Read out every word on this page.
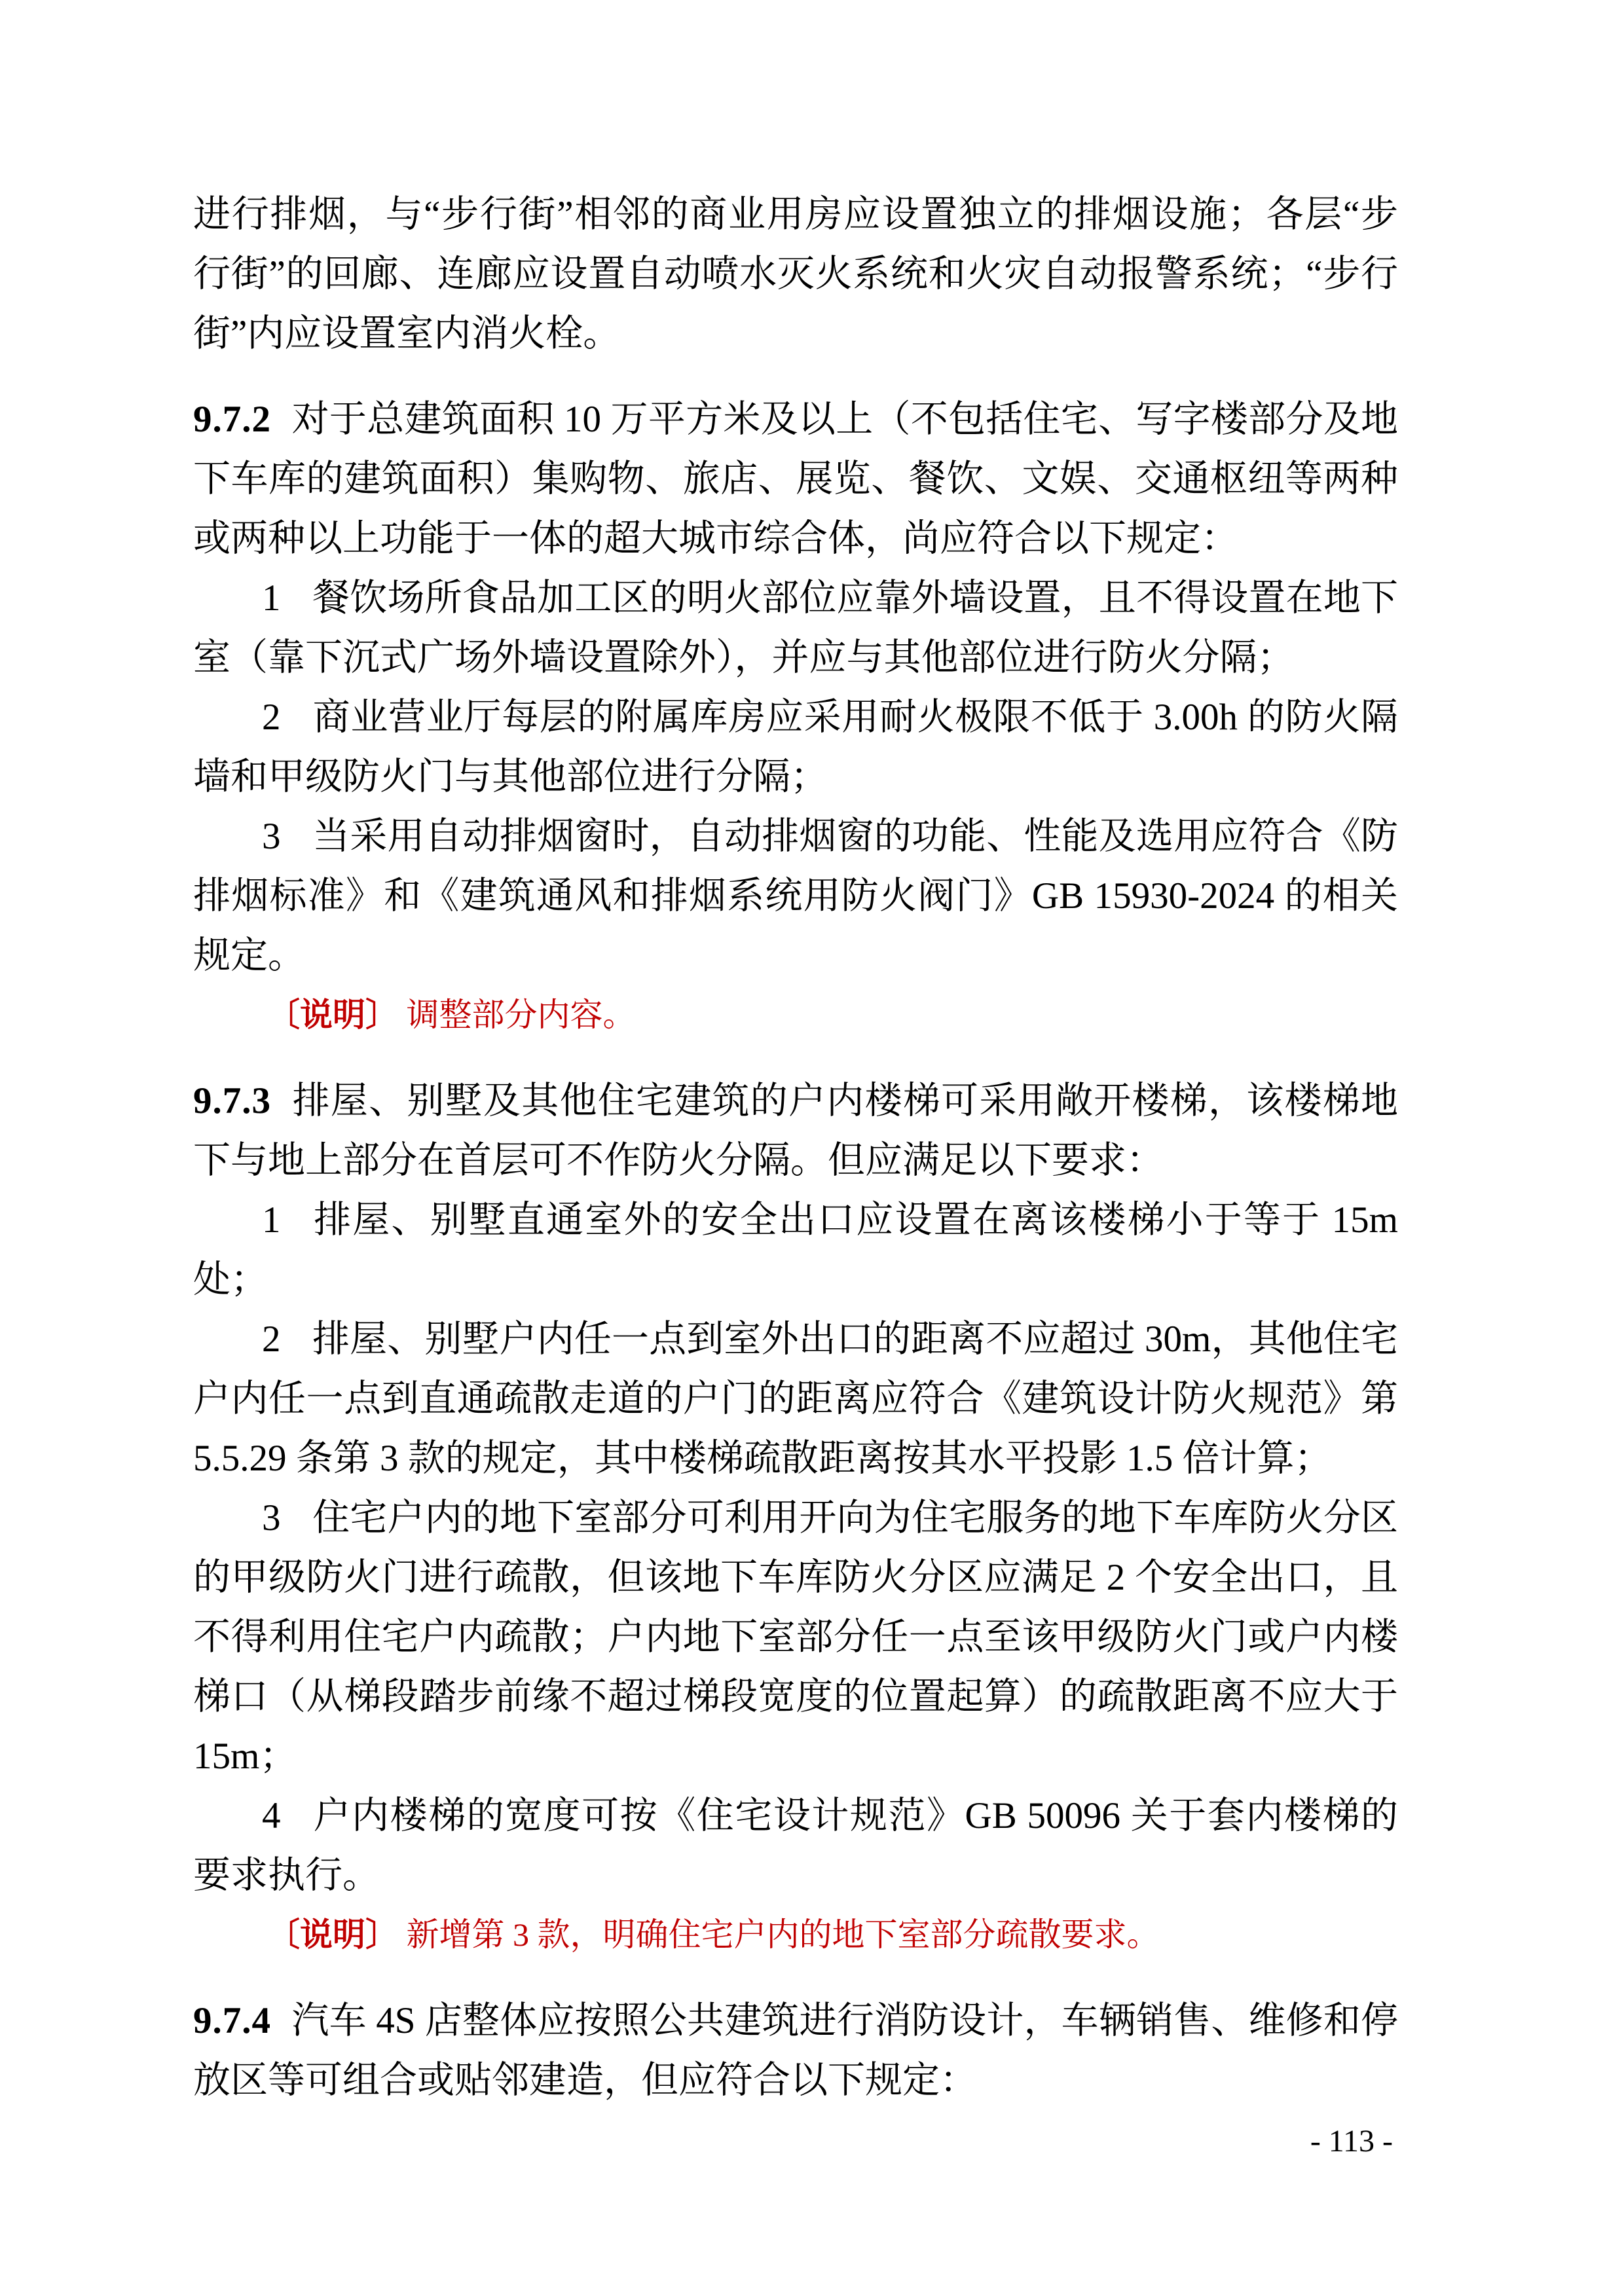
进行排烟，与“步行街”相邻的商业用房应设置独立的排烟设施；各层“步行街”的回廊、连廊应设置自动喷水灭火系统和火灾自动报警系统；“步行街”内应设置室内消火栓。

9.7.2 对于总建筑面积 10 万平方米及以上（不包括住宅、写字楼部分及地下车库的建筑面积）集购物、旅店、展览、餐饮、文娱、交通枢纽等两种或两种以上功能于一体的超大城市综合体，尚应符合以下规定：

1 餐饮场所食品加工区的明火部位应靠外墙设置，且不得设置在地下室（靠下沉式广场外墙设置除外），并应与其他部位进行防火分隔；

2 商业营业厅每层的附属库房应采用耐火极限不低于 3.00h 的防火隔墙和甲级防火门与其他部位进行分隔；

3 当采用自动排烟窗时，自动排烟窗的功能、性能及选用应符合《防排烟标准》和《建筑通风和排烟系统用防火阀门》GB 15930-2024 的相关规定。

〔说明〕 调整部分内容。

9.7.3 排屋、别墅及其他住宅建筑的户内楼梯可采用敞开楼梯，该楼梯地下与地上部分在首层可不作防火分隔。但应满足以下要求：

1 排屋、别墅直通室外的安全出口应设置在离该楼梯小于等于 15m 处；

2 排屋、别墅户内任一点到室外出口的距离不应超过 30m，其他住宅户内任一点到直通疏散走道的户门的距离应符合《建筑设计防火规范》第 5.5.29 条第 3 款的规定，其中楼梯疏散距离按其水平投影 1.5 倍计算；

3 住宅户内的地下室部分可利用开向为住宅服务的地下车库防火分区的甲级防火门进行疏散，但该地下车库防火分区应满足 2 个安全出口，且不得利用住宅户内疏散；户内地下室部分任一点至该甲级防火门或户内楼梯口（从梯段踏步前缘不超过梯段宽度的位置起算）的疏散距离不应大于 15m；

4 户内楼梯的宽度可按《住宅设计规范》GB 50096 关于套内楼梯的要求执行。

〔说明〕 新增第 3 款，明确住宅户内的地下室部分疏散要求。

9.7.4 汽车 4S 店整体应按照公共建筑进行消防设计，车辆销售、维修和停放区等可组合或贴邻建造，但应符合以下规定：

- 113 -
